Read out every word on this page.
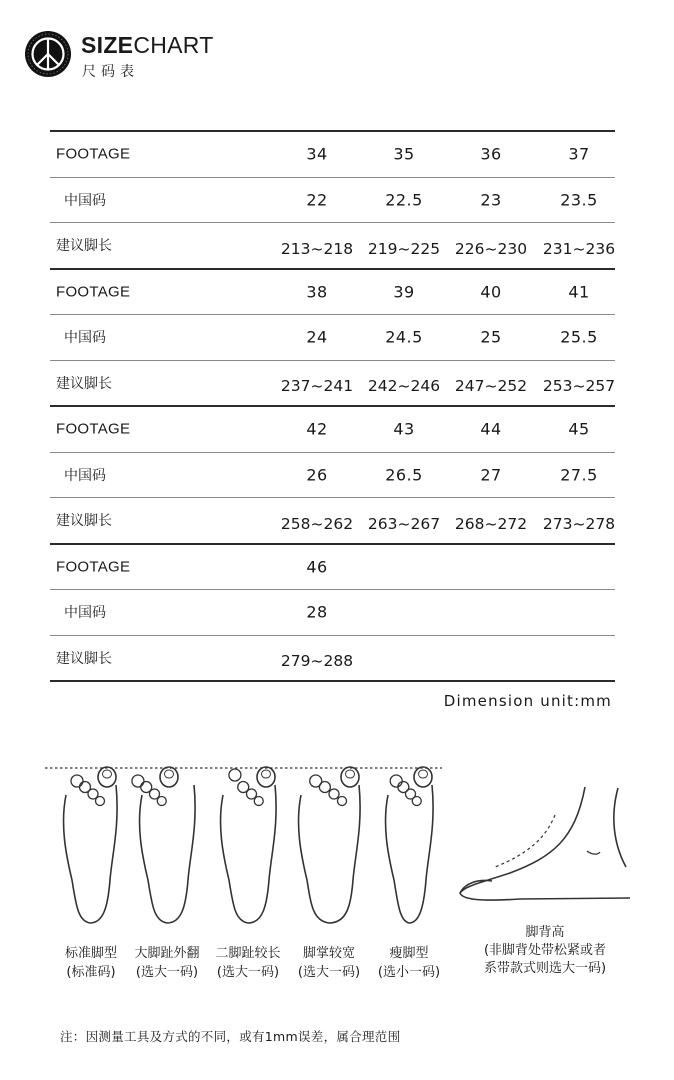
SIZECHART
尺码表
FOOTAGE	34	35	36	37
中国码	22	22.5	23	23.5
建议脚长	213~218 219~225 226~230 231~236
FOOTAGE	38	39	40	41
中国码	24	24.5	25	25.5
建议脚长	237~241 242~246 247~252 253~257
FOOTAGE	42	43	44	45
中国码	26	26.5	27	27.5
建议脚长	258~262 263~267 268~272 273~278
FOOTAGE	46
中国码	28
建议脚长	279~288
Dimension unit:mm
标准脚型
(标准码)
大脚趾外翻
(选大一码)
二脚趾较长
(选大一码)
脚掌较宽
(选大一码)
瘦脚型
(选小一码)
脚背高
(非脚背处带松紧或者
系带款式则选大一码)
注：因测量工具及方式的不同，或有1mm误差，属合理范围
